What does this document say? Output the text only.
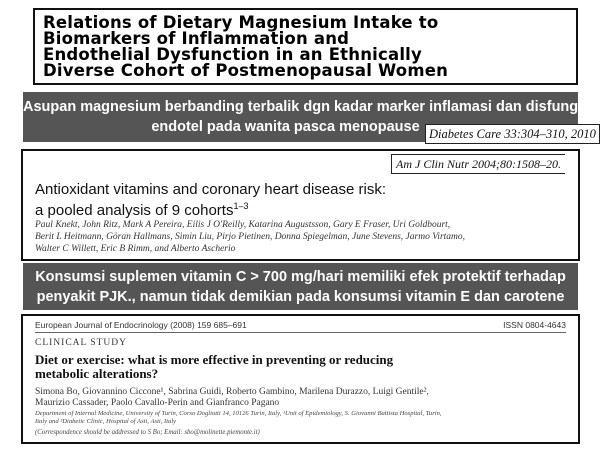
Relations of Dietary Magnesium Intake to
Biomarkers of Inflammation and
Endothelial Dysfunction in an Ethnically
Diverse Cohort of Postmenopausal Women
Asupan magnesium berbanding terbalik dgn kadar marker inflamasi dan disfungsi
endotel pada wanita pasca menopause Diabetes Care 33:304–310, 2010
Am J Clin Nutr 2004;80:1508–20.
Antioxidant vitamins and coronary heart disease risk:
a pooled analysis of 9 cohorts$^{1-3}$
Paul Knekt, John Ritz, Mark A Pereira, Eilis J O'Reilly, Katarina Augustsson, Gary E Fraser, Uri Goldbourt,
Berit L Heitmann, Göran Hallmans, Simin Liu, Pirjo Pietinen, Donna Spiegelman, June Stevens, Jarmo Virtamo,
Walter C Willett, Eric B Rimm, and Alberto Ascherio
Konsumsi suplemen vitamin C > 700 mg/hari memiliki efek protektif terhadap
penyakit PJK., namun tidak demikian pada konsumsi vitamin E dan carotene
European Journal of Endocrinology (2008) 159 685–691	ISSN 0804-4643
CLINICAL STUDY
Diet or exercise: what is more effective in preventing or reducing
metabolic alterations?
Simona Bo, Giovannino Ciccone¹, Sabrina Guidi, Roberto Gambino, Marilena Durazzo, Luigi Gentile²,
Maurizio Cassader, Paolo Cavallo-Perin and Gianfranco Pagano
Department of Internal Medicine, University of Turin, Corso Dogliotti 14, 10126 Turin, Italy, ¹Unit of Epidemiology, S. Giovanni Battista Hospital, Turin,
Italy and ²Diabetic Clinic, Hospital of Asti, Asti, Italy
(Correspondence should be addressed to S Bo; Email: sbo@molinette.piemonte.it)
